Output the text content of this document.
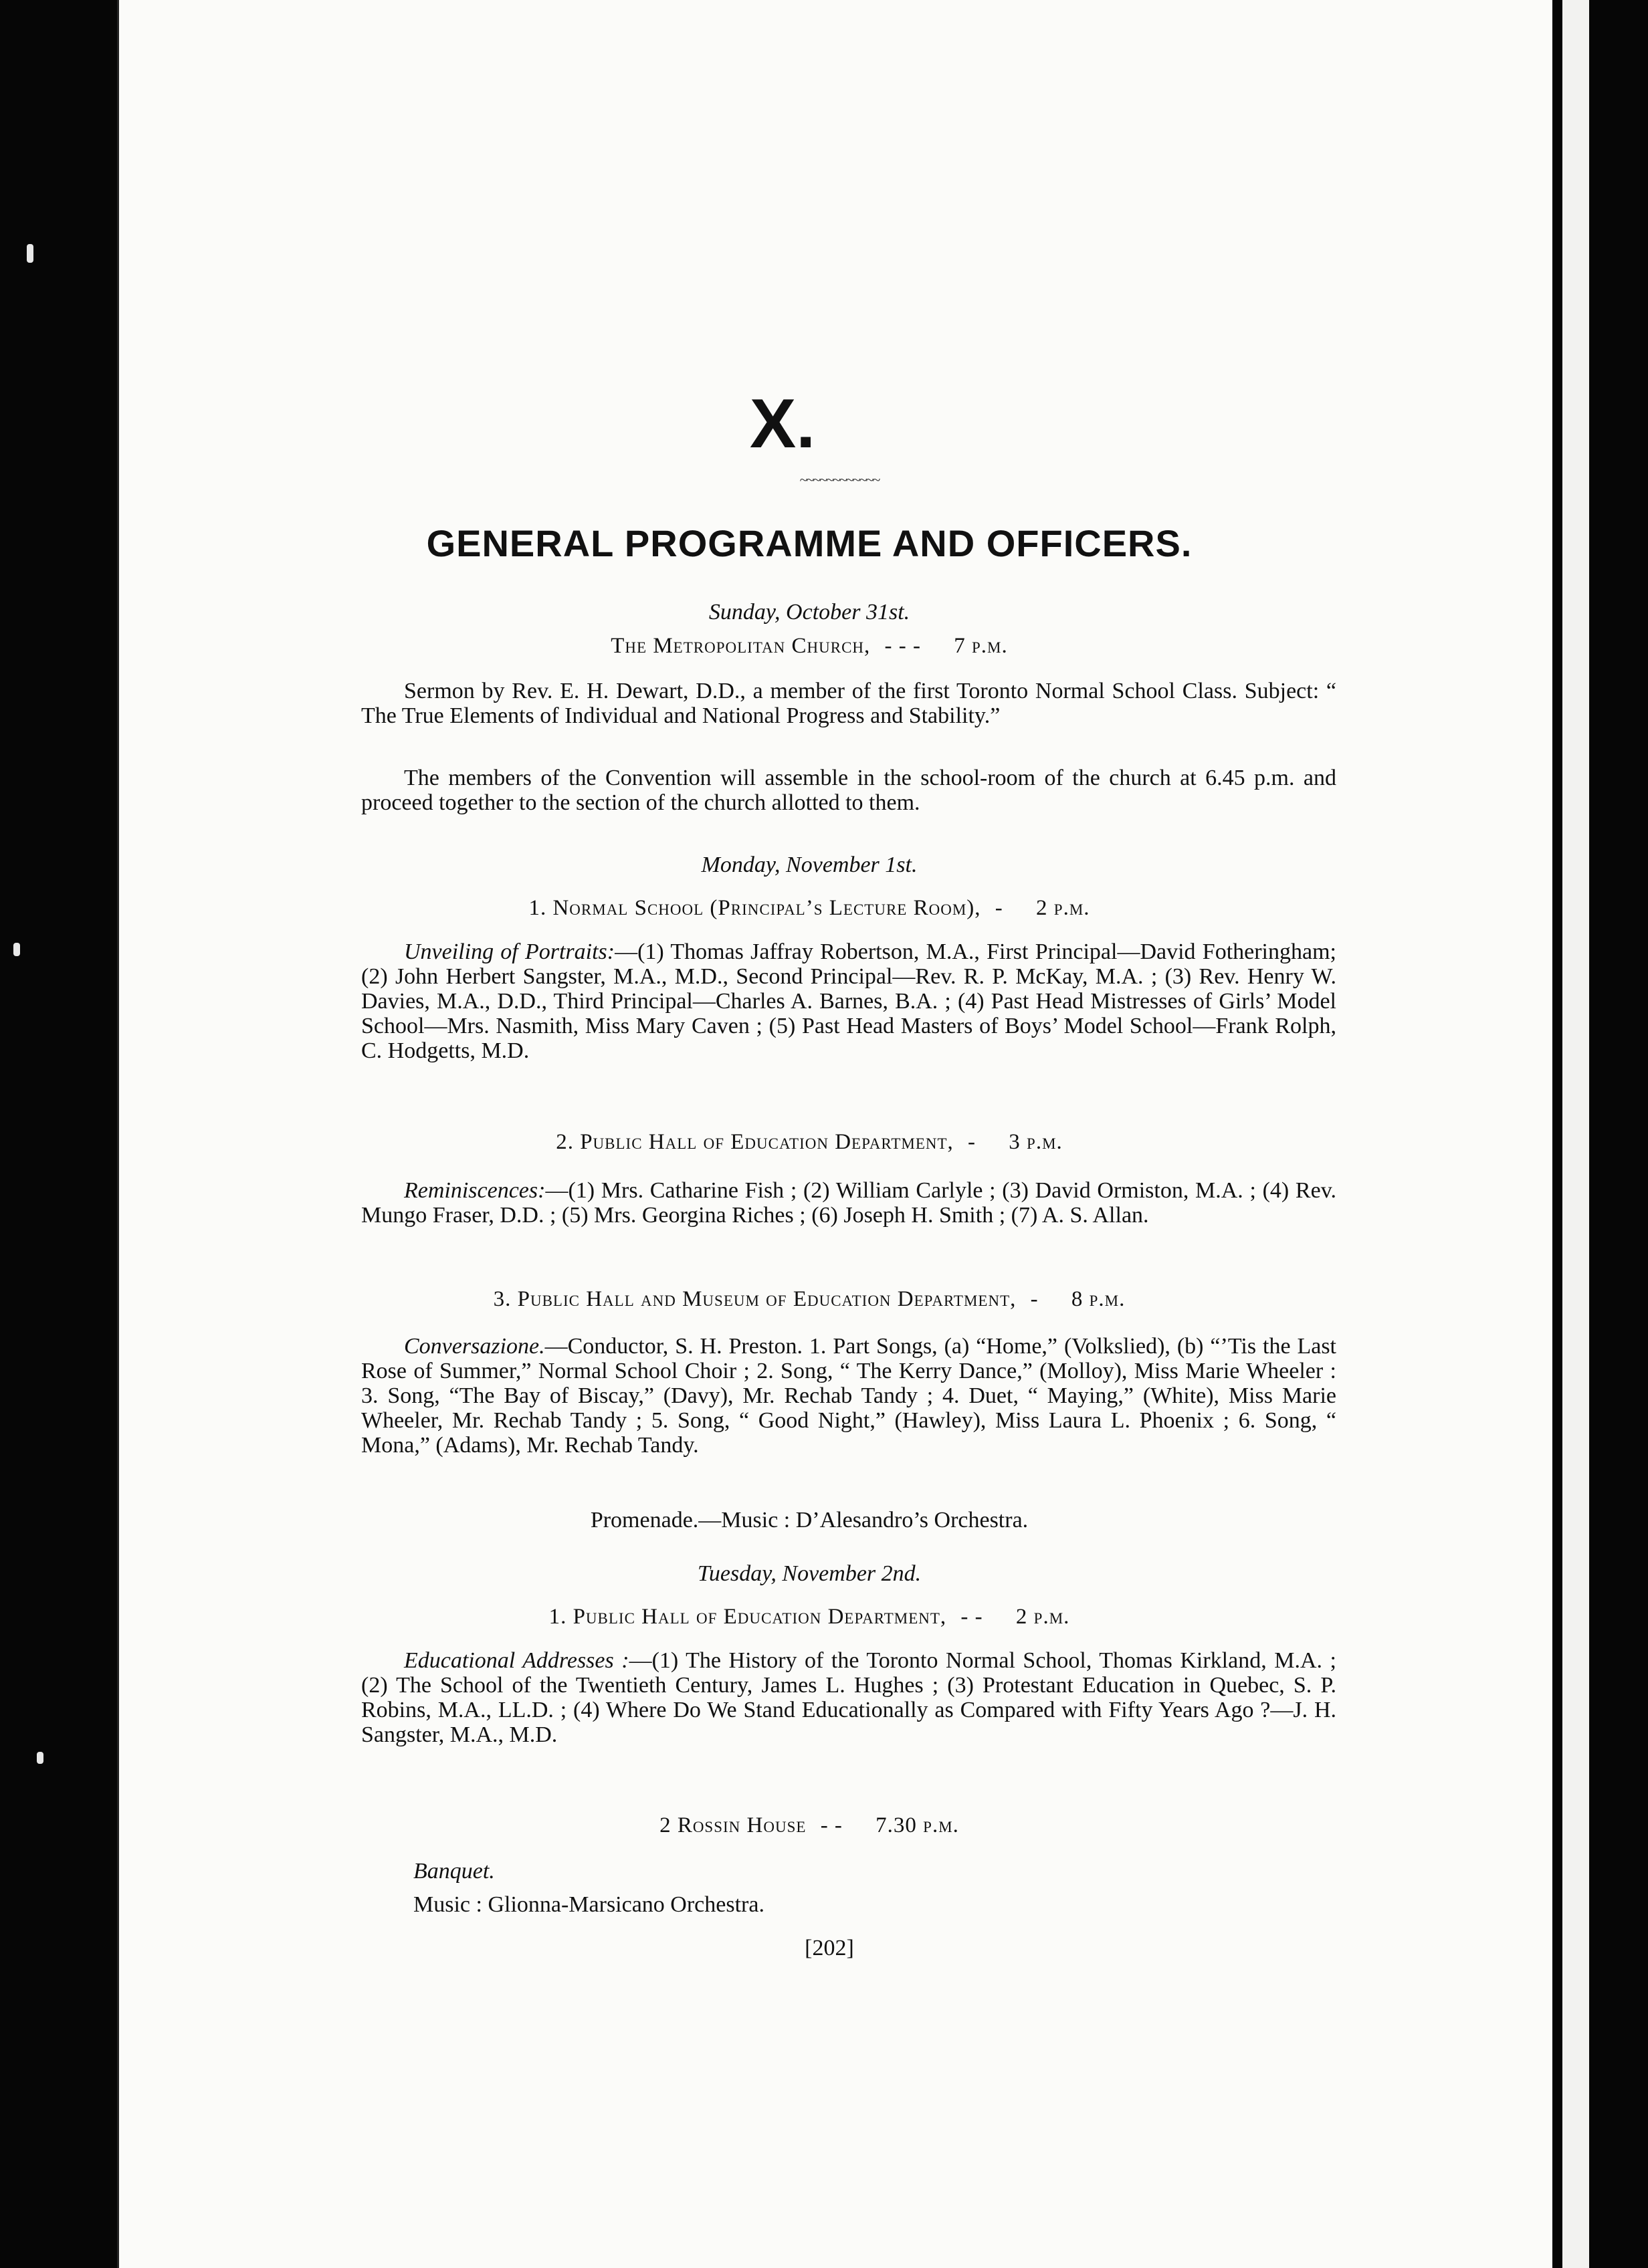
X.
~~~~~~~~~~~~
GENERAL PROGRAMME AND OFFICERS.
Sunday, October 31st.
The Metropolitan Church, - - - 7 p.m.
Sermon by Rev. E. H. Dewart, D.D., a member of the first Toronto Normal School Class. Subject: “ The True Elements of Individual and National Progress and Stability.”
The members of the Convention will assemble in the school-room of the church at 6.45 p.m. and proceed together to the section of the church allotted to them.
Monday, November 1st.
1. Normal School (Principal’s Lecture Room), - 2 p.m.
Unveiling of Portraits:—(1) Thomas Jaffray Robertson, M.A., First Principal—David Fotheringham; (2) John Herbert Sangster, M.A., M.D., Second Principal—Rev. R. P. McKay, M.A. ; (3) Rev. Henry W. Davies, M.A., D.D., Third Principal—Charles A. Barnes, B.A. ; (4) Past Head Mistresses of Girls’ Model School—Mrs. Nasmith, Miss Mary Caven ; (5) Past Head Masters of Boys’ Model School—Frank Rolph, C. Hodgetts, M.D.
2. Public Hall of Education Department, - 3 p.m.
Reminiscences:—(1) Mrs. Catharine Fish ; (2) William Carlyle ; (3) David Ormiston, M.A. ; (4) Rev. Mungo Fraser, D.D. ; (5) Mrs. Georgina Riches ; (6) Joseph H. Smith ; (7) A. S. Allan.
3. Public Hall and Museum of Education Department, - 8 p.m.
Conversazione.—Conductor, S. H. Preston. 1. Part Songs, (a) “Home,” (Volkslied), (b) “’Tis the Last Rose of Summer,” Normal School Choir ; 2. Song, “ The Kerry Dance,” (Molloy), Miss Marie Wheeler : 3. Song, “The Bay of Biscay,” (Davy), Mr. Rechab Tandy ; 4. Duet, “ Maying,” (White), Miss Marie Wheeler, Mr. Rechab Tandy ; 5. Song, “ Good Night,” (Hawley), Miss Laura L. Phoenix ; 6. Song, “ Mona,” (Adams), Mr. Rechab Tandy.
Promenade.—Music : D’Alesandro’s Orchestra.
Tuesday, November 2nd.
1. Public Hall of Education Department, - - 2 p.m.
Educational Addresses :—(1) The History of the Toronto Normal School, Thomas Kirkland, M.A. ; (2) The School of the Twentieth Century, James L. Hughes ; (3) Protestant Education in Quebec, S. P. Robins, M.A., LL.D. ; (4) Where Do We Stand Educationally as Compared with Fifty Years Ago ?—J. H. Sangster, M.A., M.D.
2 Rossin House - - 7.30 p.m.
Banquet.
Music : Glionna-Marsicano Orchestra.
[202]
